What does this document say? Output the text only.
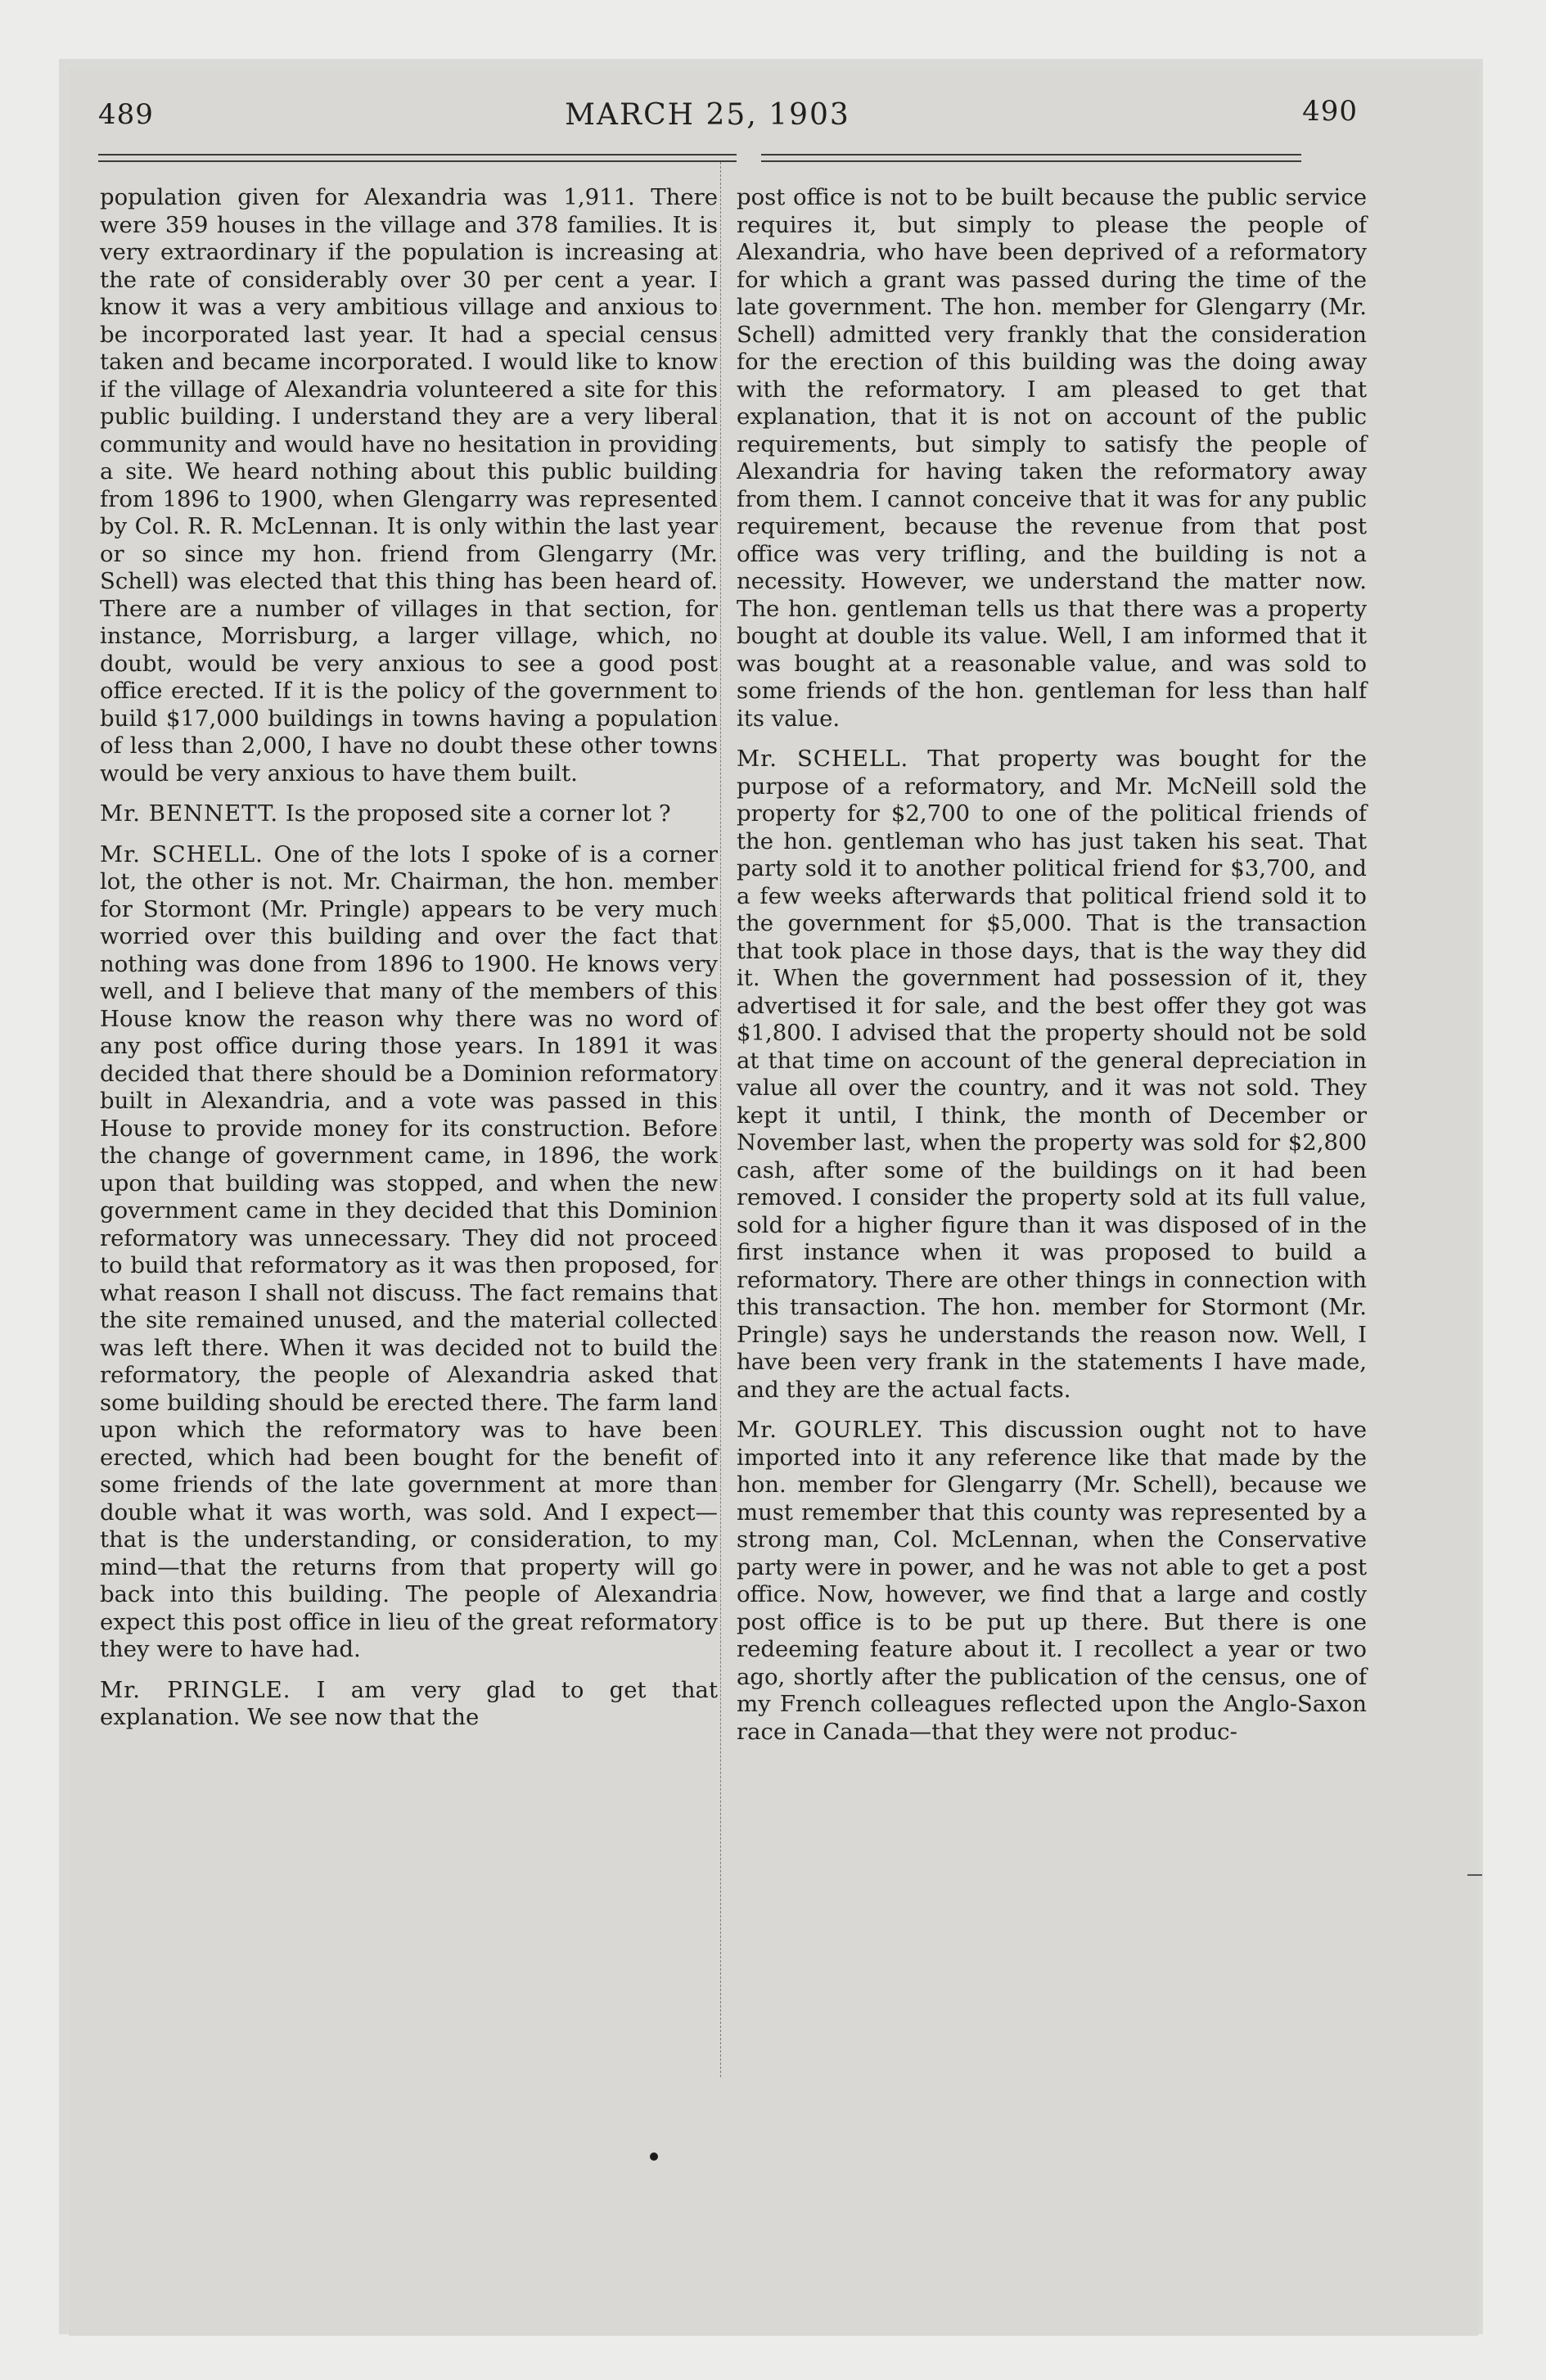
489	MARCH 25, 1903	490

population given for Alexandria was 1,911. There were 359 houses in the village and 378 families. It is very extraordinary if the population is increasing at the rate of considerably over 30 per cent a year. I know it was a very ambitious village and anxious to be incorporated last year. It had a special census taken and became incorporated. I would like to know if the village of Alexandria volunteered a site for this public building. I understand they are a very liberal community and would have no hesitation in providing a site. We heard nothing about this public building from 1896 to 1900, when Glengarry was represented by Col. R. R. McLennan. It is only within the last year or so since my hon. friend from Glengarry (Mr. Schell) was elected that this thing has been heard of. There are a number of villages in that section, for instance, Morrisburg, a larger village, which, no doubt, would be very anxious to see a good post office erected. If it is the policy of the government to build $17,000 buildings in towns having a population of less than 2,000, I have no doubt these other towns would be very anxious to have them built.

Mr. BENNETT. Is the proposed site a corner lot ?

Mr. SCHELL. One of the lots I spoke of is a corner lot, the other is not. Mr. Chairman, the hon. member for Stormont (Mr. Pringle) appears to be very much worried over this building and over the fact that nothing was done from 1896 to 1900. He knows very well, and I believe that many of the members of this House know the reason why there was no word of any post office during those years. In 1891 it was decided that there should be a Dominion reformatory built in Alexandria, and a vote was passed in this House to provide money for its construction. Before the change of government came, in 1896, the work upon that building was stopped, and when the new government came in they decided that this Dominion reformatory was unnecessary. They did not proceed to build that reformatory as it was then proposed, for what reason I shall not discuss. The fact remains that the site remained unused, and the material collected was left there. When it was decided not to build the reformatory, the people of Alexandria asked that some building should be erected there. The farm land upon which the reformatory was to have been erected, which had been bought for the benefit of some friends of the late government at more than double what it was worth, was sold. And I expect—that is the understanding, or consideration, to my mind—that the returns from that property will go back into this building. The people of Alexandria expect this post office in lieu of the great reformatory they were to have had.

Mr. PRINGLE. I am very glad to get that explanation. We see now that the

post office is not to be built because the public service requires it, but simply to please the people of Alexandria, who have been deprived of a reformatory for which a grant was passed during the time of the late government. The hon. member for Glengarry (Mr. Schell) admitted very frankly that the consideration for the erection of this building was the doing away with the reformatory. I am pleased to get that explanation, that it is not on account of the public requirements, but simply to satisfy the people of Alexandria for having taken the reformatory away from them. I cannot conceive that it was for any public requirement, because the revenue from that post office was very trifling, and the building is not a necessity. However, we understand the matter now. The hon. gentleman tells us that there was a property bought at double its value. Well, I am informed that it was bought at a reasonable value, and was sold to some friends of the hon. gentleman for less than half its value.

Mr. SCHELL. That property was bought for the purpose of a reformatory, and Mr. McNeill sold the property for $2,700 to one of the political friends of the hon. gentleman who has just taken his seat. That party sold it to another political friend for $3,700, and a few weeks afterwards that political friend sold it to the government for $5,000. That is the transaction that took place in those days, that is the way they did it. When the government had possession of it, they advertised it for sale, and the best offer they got was $1,800. I advised that the property should not be sold at that time on account of the general depreciation in value all over the country, and it was not sold. They kept it until, I think, the month of December or November last, when the property was sold for $2,800 cash, after some of the buildings on it had been removed. I consider the property sold at its full value, sold for a higher figure than it was disposed of in the first instance when it was proposed to build a reformatory. There are other things in connection with this transaction. The hon. member for Stormont (Mr. Pringle) says he understands the reason now. Well, I have been very frank in the statements I have made, and they are the actual facts.

Mr. GOURLEY. This discussion ought not to have imported into it any reference like that made by the hon. member for Glengarry (Mr. Schell), because we must remember that this county was represented by a strong man, Col. McLennan, when the Conservative party were in power, and he was not able to get a post office. Now, however, we find that a large and costly post office is to be put up there. But there is one redeeming feature about it. I recollect a year or two ago, shortly after the publication of the census, one of my French colleagues reflected upon the Anglo-Saxon race in Canada—that they were not produc-
